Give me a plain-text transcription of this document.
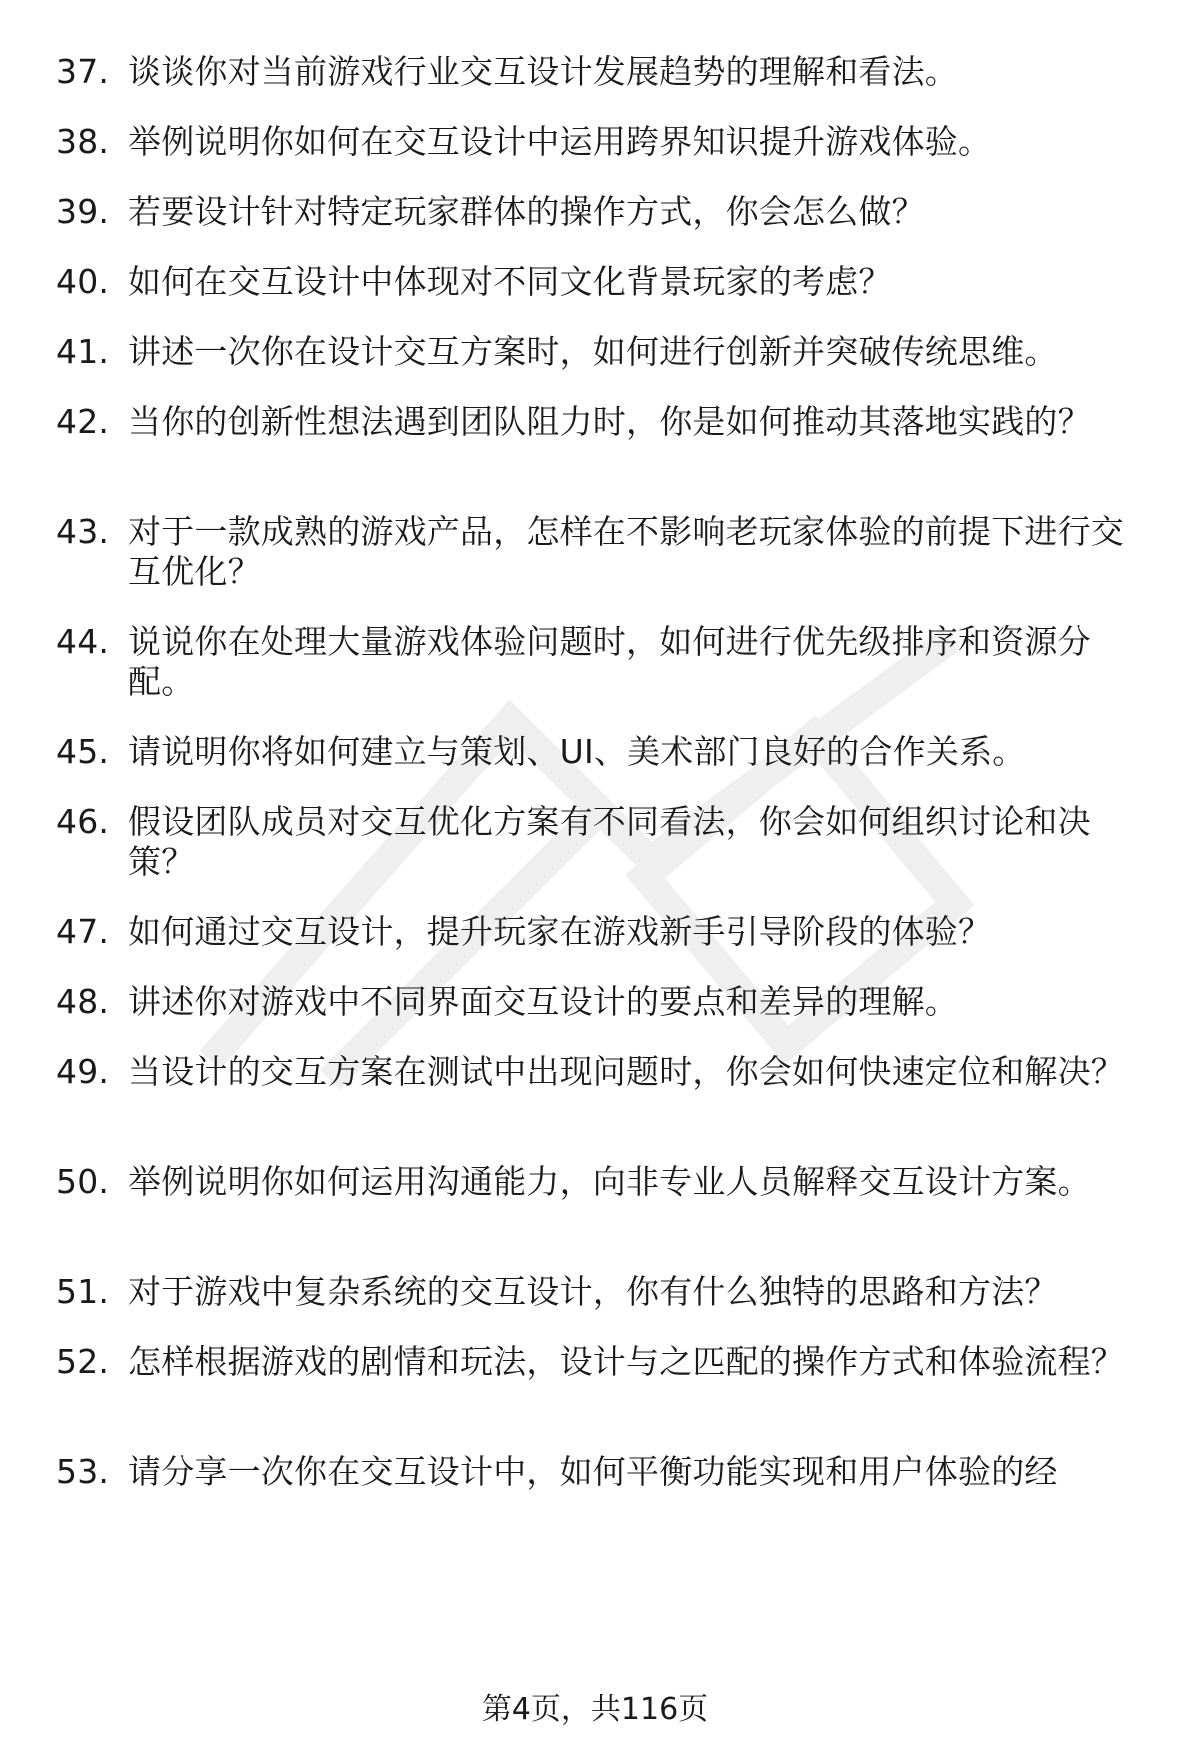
37. 谈谈你对当前游戏行业交互设计发展趋势的理解和看法。
38. 举例说明你如何在交互设计中运用跨界知识提升游戏体验。
39. 若要设计针对特定玩家群体的操作方式，你会怎么做？
40. 如何在交互设计中体现对不同文化背景玩家的考虑？
41. 讲述一次你在设计交互方案时，如何进行创新并突破传统思维。
42. 当你的创新性想法遇到团队阻力时，你是如何推动其落地实践的？
43. 对于一款成熟的游戏产品，怎样在不影响老玩家体验的前提下进行交互优化？
44. 说说你在处理大量游戏体验问题时，如何进行优先级排序和资源分配。
45. 请说明你将如何建立与策划、UI、美术部门良好的合作关系。
46. 假设团队成员对交互优化方案有不同看法，你会如何组织讨论和决策？
47. 如何通过交互设计，提升玩家在游戏新手引导阶段的体验？
48. 讲述你对游戏中不同界面交互设计的要点和差异的理解。
49. 当设计的交互方案在测试中出现问题时，你会如何快速定位和解决？
50. 举例说明你如何运用沟通能力，向非专业人员解释交互设计方案。
51. 对于游戏中复杂系统的交互设计，你有什么独特的思路和方法？
52. 怎样根据游戏的剧情和玩法，设计与之匹配的操作方式和体验流程？
53. 请分享一次你在交互设计中，如何平衡功能实现和用户体验的经
第4页，共116页
